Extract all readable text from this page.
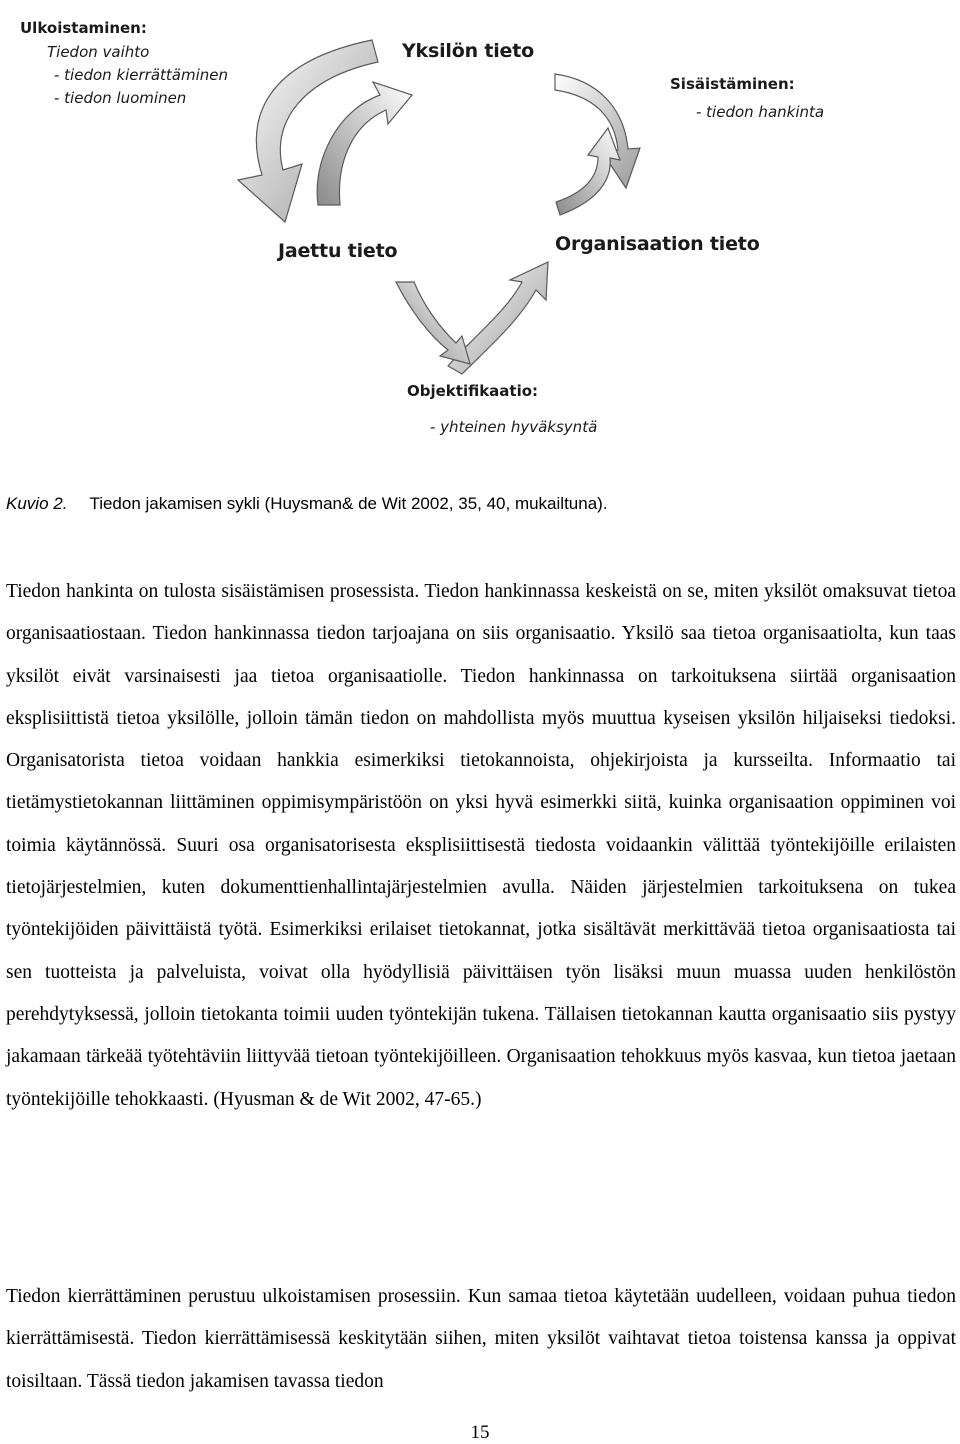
Ulkoistaminen:
Tiedon vaihto
- tiedon kierrättäminen
- tiedon luominen
Yksilön tieto
Sisäistäminen:
- tiedon hankinta
Jaettu tieto	Organisaation tieto
Objektifikaatio:
- yhteinen hyväksyntä
Kuvio 2. Tiedon jakamisen sykli (Huysman& de Wit 2002, 35, 40, mukailtuna).
Tiedon hankinta on tulosta sisäistämisen prosessista. Tiedon hankinnassa keskeistä on se, miten yksilöt omaksuvat tietoa organisaatiostaan. Tiedon hankinnassa tiedon tarjoajana on siis organisaatio. Yksilö saa tietoa organisaatiolta, kun taas yksilöt eivät varsinaisesti jaa tietoa organisaatiolle. Tiedon hankinnassa on tarkoituksena siirtää organisaation eksplisiittistä tietoa yksilölle, jolloin tämän tiedon on mahdollista myös muuttua kyseisen yksilön hiljaiseksi tiedoksi. Organisatorista tietoa voidaan hankkia esimerkiksi tietokannoista, ohjekirjoista ja kursseilta. Informaatio tai tietämystietokannan liittäminen oppimisympäristöön on yksi hyvä esimerkki siitä, kuinka organisaation oppiminen voi toimia käytännössä. Suuri osa organisatorisesta eksplisiittisestä tiedosta voidaankin välittää työntekijöille erilaisten tietojärjestelmien, kuten dokumenttienhallintajärjestelmien avulla. Näiden järjestelmien tarkoituksena on tukea työntekijöiden päivittäistä työtä. Esimerkiksi erilaiset tietokannat, jotka sisältävät merkittävää tietoa organisaatiosta tai sen tuotteista ja palveluista, voivat olla hyödyllisiä päivittäisen työn lisäksi muun muassa uuden henkilöstön perehdytyksessä, jolloin tietokanta toimii uuden työntekijän tukena. Tällaisen tietokannan kautta organisaatio siis pystyy jakamaan tärkeää työtehtäviin liittyvää tietoan työntekijöilleen. Organisaation tehokkuus myös kasvaa, kun tietoa jaetaan työntekijöille tehokkaasti. (Hyusman & de Wit 2002, 47-65.)
Tiedon kierrättäminen perustuu ulkoistamisen prosessiin. Kun samaa tietoa käytetään uudelleen, voidaan puhua tiedon kierrättämisestä. Tiedon kierrättämisessä keskitytään siihen, miten yksilöt vaihtavat tietoa toistensa kanssa ja oppivat toisiltaan. Tässä tiedon jakamisen tavassa tiedon
15
